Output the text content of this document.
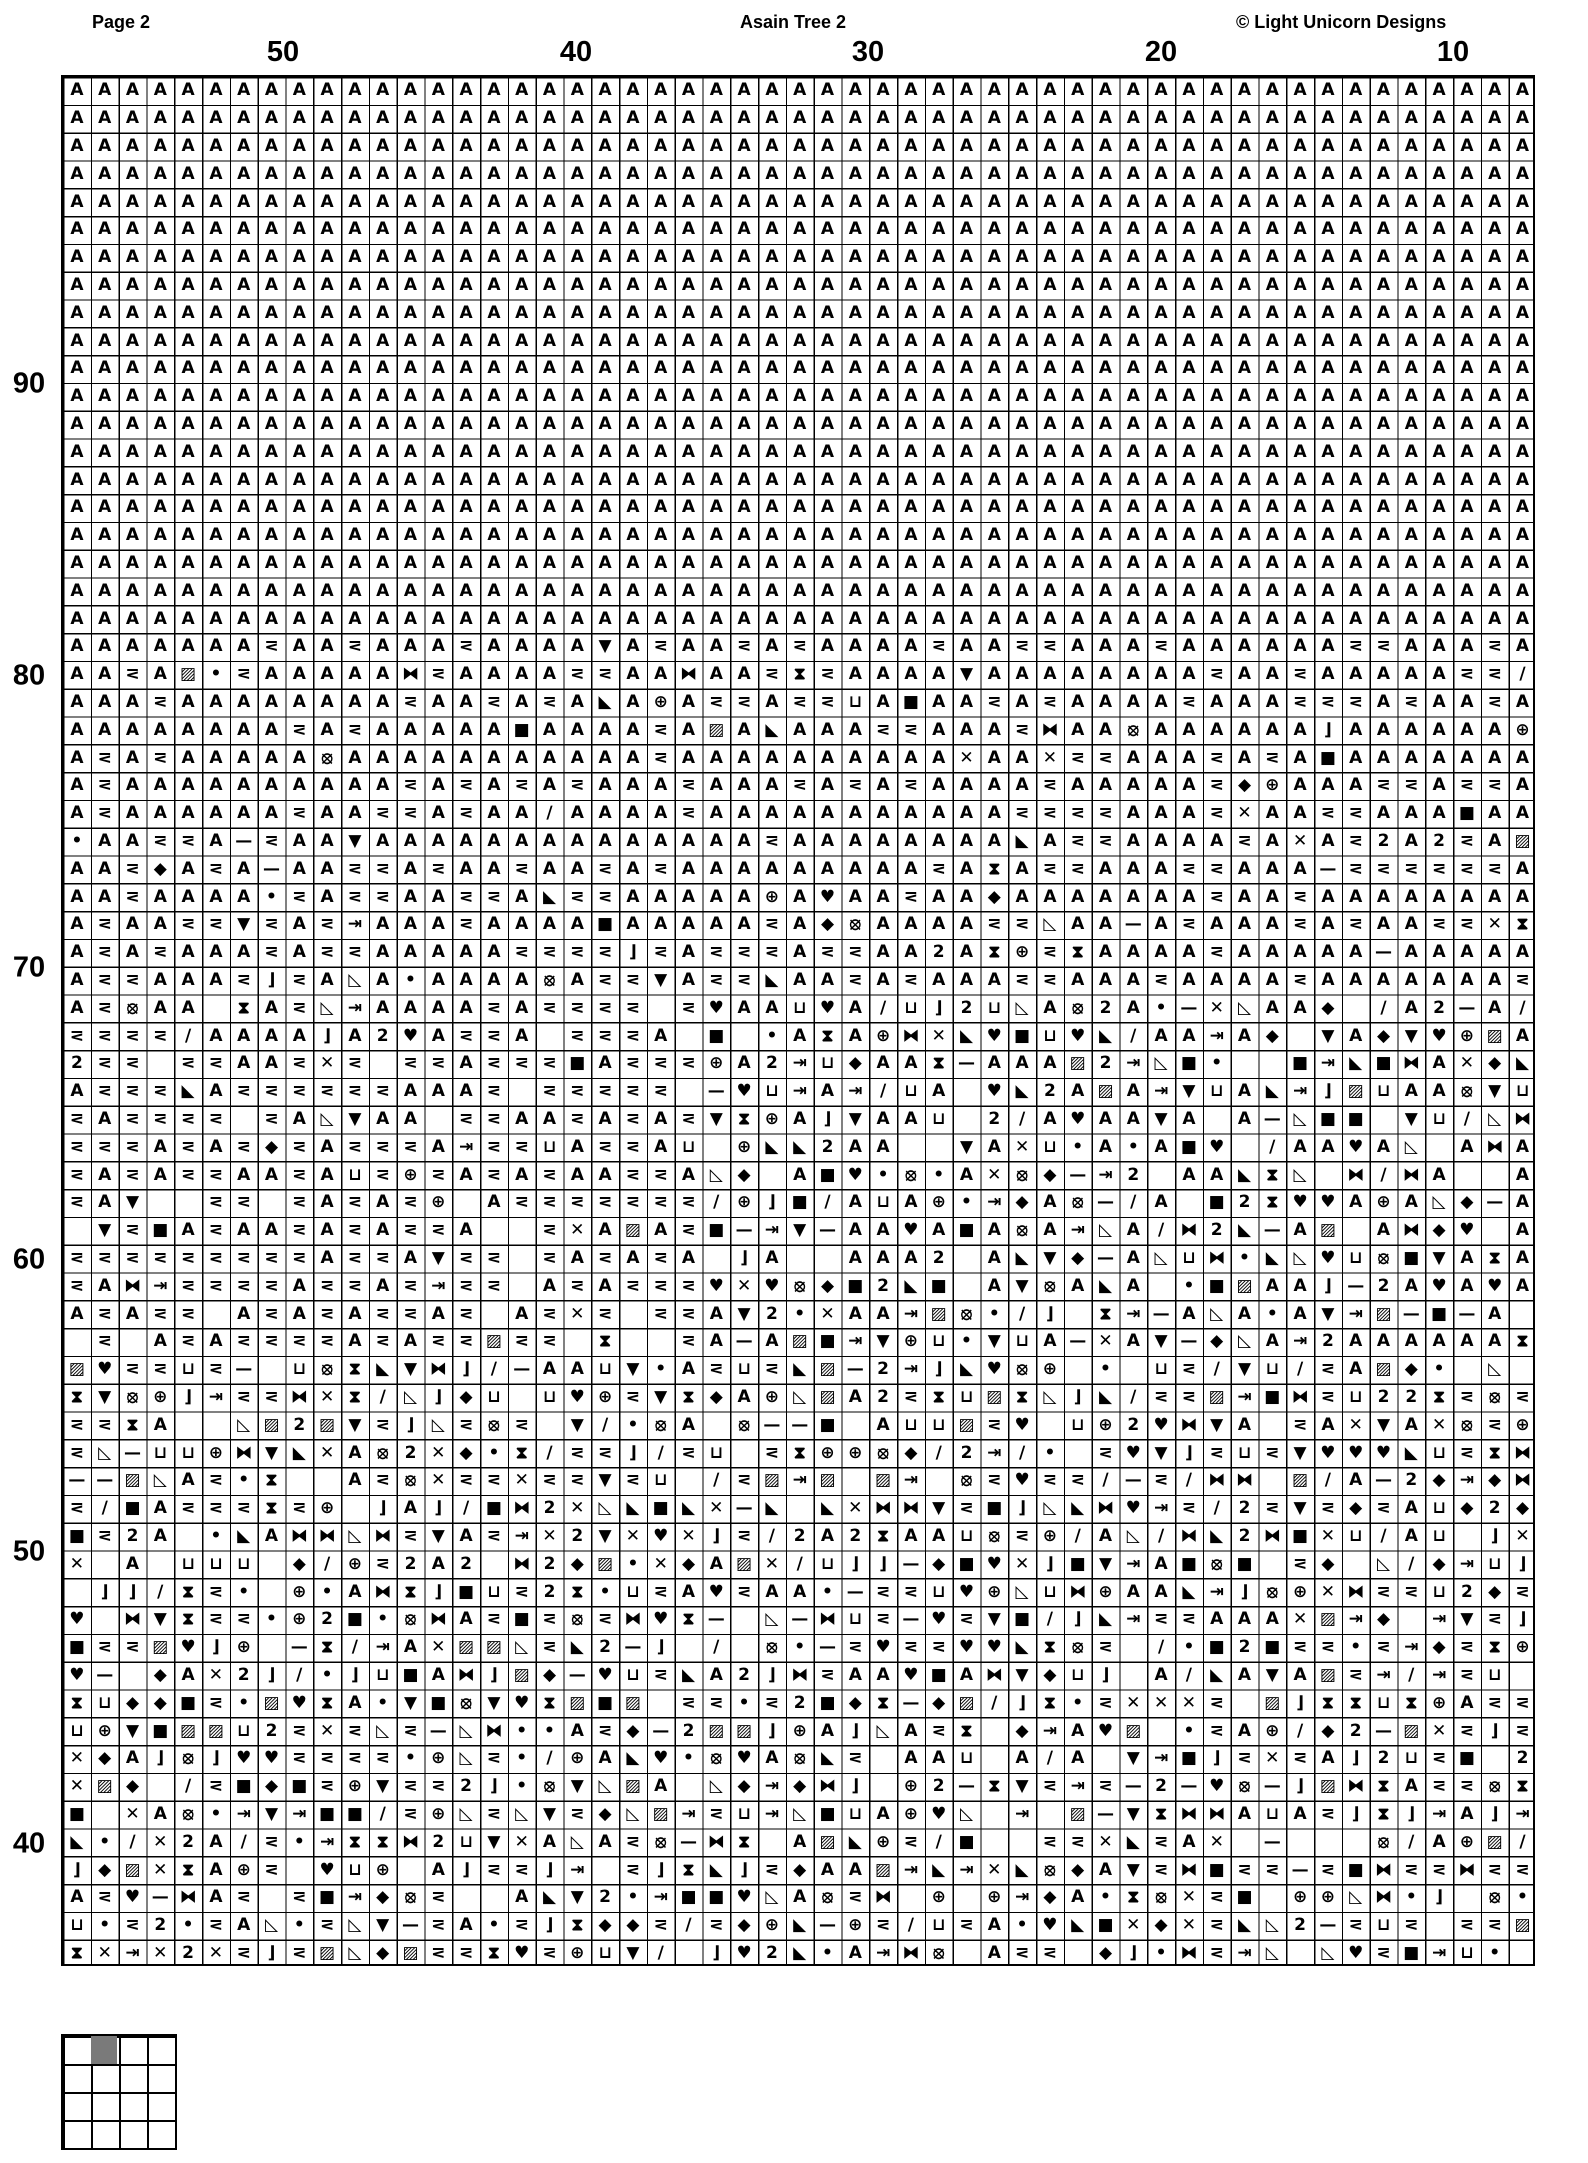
Page 2	Asain Tree 2	© Light Unicorn Designs
50	40	30	20	10
90
80
70
60
50
40
A A A A A A A A A A A A A A A A A A A A A A A A A A A A A A A A A A A A A A A A A A A A A A A A A A A A A
A A A A A A A A A A A A A A A A A A A A A A A A A A A A A A A A A A A A A A A A A A A A A A A A A A A A A
A A A A A A A A A A A A A A A A A A A A A A A A A A A A A A A A A A A A A A A A A A A A A A A A A A A A A
A A A A A A A A A A A A A A A A A A A A A A A A A A A A A A A A A A A A A A A A A A A A A A A A A A A A A
A A A A A A A A A A A A A A A A A A A A A A A A A A A A A A A A A A A A A A A A A A A A A A A A A A A A A
A A A A A A A A A A A A A A A A A A A A A A A A A A A A A A A A A A A A A A A A A A A A A A A A A A A A A
A A A A A A A A A A A A A A A A A A A A A A A A A A A A A A A A A A A A A A A A A A A A A A A A A A A A A
A A A A A A A A A A A A A A A A A A A A A A A A A A A A A A A A A A A A A A A A A A A A A A A A A A A A A
A A A A A A A A A A A A A A A A A A A A A A A A A A A A A A A A A A A A A A A A A A A A A A A A A A A A A
A A A A A A A A A A A A A A A A A A A A A A A A A A A A A A A A A A A A A A A A A A A A A A A A A A A A A
A A A A A A A A A A A A A A A A A A A A A A A A A A A A A A A A A A A A A A A A A A A A A A A A A A A A A
A A A A A A A A A A A A A A A A A A A A A A A A A A A A A A A A A A A A A A A A A A A A A A A A A A A A A
A A A A A A A A A A A A A A A A A A A A A A A A A A A A A A A A A A A A A A A A A A A A A A A A A A A A A
A A A A A A A A A A A A A A A A A A A A A A A A A A A A A A A A A A A A A A A A A A A A A A A A A A A A A
A A A A A A A A A A A A A A A A A A A A A A A A A A A A A A A A A A A A A A A A A A A A A A A A A A A A A
A A A A A A A A A A A A A A A A A A A A A A A A A A A A A A A A A A A A A A A A A A A A A A A A A A A A A
A A A A A A A A A A A A A A A A A A A A A A A A A A A A A A A A A A A A A A A A A A A A A A A A A A A A A
A A A A A A A A A A A A A A A A A A A A A A A A A A A A A A A A A A A A A A A A A A A A A A A A A A A A A
A A A A A A A A A A A A A A A A A A A A A A A A A A A A A A A A A A A A A A A A A A A A A A A A A A A A A
A A A A A A A A A A A A A A A A A A A A A A A A A A A A A A A A A A A A A A A A A A A A A A A A A A A A A
A A A A A A A ⋜ A A ⋜ A A A ⋜ A A A A ▼ A ⋜ A A ⋜ A ⋜ A A A A ⋜ A A ⋜ ⋜ A A A ⋜ A A A A A A ⋜ ⋜ A A A ⋜ A
A A ⋜ A ▨ • ⋜ A A A A A ⧓ ⋜ A A A A ⋜ ⋜ A A ⧓ A A ⋜ ⧗ ⋜ A A A A ▼ A A A A A A A A ⋜ A A ⋜ A A A A A ⋜ ⋜	∕
A A A ⋜ A A A A A A A A ⋜ A A ⋜ A ⋜ A ◣ A ⊕ A ⋜ ⋜ A ⋜ ⋜ ⊔ A ■ A A ⋜ A ⋜ A A A A ⋜ A A A ⋜ ⋜ ⋜ A ⋜ A A ⋜ A
A A A A A A A A ⋜ A ⋜ A A A A A ■ A A A A ⋜ A ▨ A ◣ A A A ⋜ ⋜ A A A ⋜ ⧓ A A ⦻ A A A A A A	⌋	A A A A A A ⊕
A ⋜ A ⋜ A A A A A ⦻ A A A A A A A A A A A ⋜ A A A A A A A A A A ✕ A A ✕ ⋜ ⋜ A A A ⋜ A ⋜ A ■ A A A A A A A
A ⋜ A A A A A A A A A A ⋜ A ⋜ A ⋜ A ⋜ A A A ⋜ A A A ⋜ A ⋜ A ⋜ A A A A ⋜ A A A A A ⋜ ◆ ⊕ A A A ⋜ ⋜ A ⋜ ⋜ A
A ⋜ A A A A A A ⋜ A A ⋜ ⋜ A ⋜ A A	∕	A A A A ⋜ A A A A A A A A A A A ⋜ ⋜ ⋜ ⋜ A A A ⋜ ✕ A A ⋜ ⋜ A A A ■ A A
• A A ⋜ ⋜ A — ⋜ A A ▼ A A A A A A A A A A A A A A ⋜ A A A A A A A A ◣ A ⋜ ⋜ A A A A ⋜ A ✕ A ⋜ 2 A 2 ⋜ A ▨
A A ⋜ ◆ A ⋜ A — A A ⋜ ⋜ A ⋜ A A ⋜ A A ⋜ A ⋜ A A A A A A A A A ⋜ A ⧗ A ⋜ ⋜ A A A ⋜ ⋜ A A A — ⋜ ⋜ ⋜ ⋜ ⋜ ⋜ A
A A ⋜ A A A A • ⋜ A ⋜ ⋜ A A ⋜ ⋜ A ◣ ⋜ ⋜ A A A A A ⊕ A ♥ A A ⋜ A A ◆ A A A A A A A ⋜ A A ⋜ A A A A A A A A
A ⋜ A A ⋜ ⋜ ▼ ⋜ A ⋜ ⇥ A A A ⋜ A A A A ■ A A A A A ⋜ A ◆ ⦻ A A A A ⋜ ⋜ ◺ A A — A ⋜ A A A ⋜ A ⋜ A A ⋜ ⋜ ✕ ⧗
A ⋜ A ⋜ A A A ⋜ A ⋜ ⋜ A A A A A ⋜ ⋜ ⋜ ⋜ ⌋ ⋜ A ⋜ ⋜ ⋜ A ⋜ ⋜ A A 2 A ⧗ ⊕ ⋜ ⧗ A A A A ⋜ A A A A A — A A A A A
A ⋜ ⋜ A A A ⋜ ⌋ ⋜ A ◺ A • A A A A ⦻ A ⋜ ⋜ ▼ A ⋜ ⋜ ◣ A A ⋜ A ⋜ A A A ⋜ ⋜ A A A ⋜ A A A A ⋜ A A A A A A A ⋜
A ⋜ ⦻ A A	⧗ A ⋜ ◺ ⇥ A A A A ⋜ A ⋜ ⋜ ⋜ ⋜	⋜ ♥ A A ⊔ ♥ A	∕	⊔	⌋	2 ⊔ ◺ A ⦻ 2 A • — ✕ ◺ A A ◆	∕	A 2 — A	∕
⋜ ⋜ ⋜ ⋜	∕	A A A A	⌋	A 2 ♥ A ⋜ ⋜ A	⋜ ⋜ ⋜ A	■	• A ⧗ A ⊕ ⧓ ✕ ◣ ♥ ■ ⊔ ♥ ◣	∕	A A ⇥ A ◆	▼ A ◆ ▼ ♥ ⊕ ▨ A
2 ⋜ ⋜	⋜ ⋜ A A ⋜ ✕ ⋜	⋜ ⋜ A ⋜ ⋜ ⋜ ■ A ⋜ ⋜ ⋜ ⊕ A 2 ⇥ ⊔ ◆ A A ⧗ — A A A ▨ 2 ⇥ ◺ ■ •	■ ⇥ ◣ ■ ⧓ A ✕ ◆ ◣
A ⋜ ⋜ ⋜ ◣ A ⋜ ⋜ ⋜ ⋜ ⋜ ⋜ A A A ⋜	⋜ ⋜ ⋜ ⋜ ⋜	— ♥ ⊔ ⇥ A ⇥	∕	⊔ A	♥ ◣ 2 A ▨ A ⇥ ▼ ⊔ A ◣ ⇥ ⌋ ▨ ⊔ A A ⦻ ▼ ⊔
⋜ A ⋜ ⋜ ⋜ ⋜	⋜ A ◺ ▼ A A	⋜ ⋜ A A ⋜ A ⋜ A ⋜ ▼ ⧗ ⊕ A	⌋	▼ A A ⊔	2	∕	A ♥ A A ▼ A	A — ◺ ■ ■	▼ ⊔	∕	◺ ⧓
⋜ ⋜ ⋜ A ⋜ A ⋜ ◆ ⋜ A ⋜ ⋜ ⋜ A ⇥ ⋜ ⋜ ⊔ A ⋜ ⋜ A ⊔	⊕ ◣ ◣ 2 A A	▼ A ✕ ⊔ • A • A ■ ♥	∕	A A ♥ A ◺	A ⧓ A
⋜ A ⋜ A ⋜ ⋜ A A ⋜ A ⊔ ⋜ ⊕ ⋜ A ⋜ A ⋜ A A ⋜ ⋜ A ◺ ◆	A ■ ♥ • ⦻ • A ✕ ⦻ ◆ — ⇥ 2	A A ◣ ⧗ ◺	⧓ ∕ ⧓ A	A
⋜ A ▼	⋜ ⋜	⋜ A ⋜ A ⋜ ⊕	A ⋜ ⋜ ⋜ ⋜ ⋜ ⋜ ⋜	∕	⊕ ⌋ ■ ∕	A ⊔ A ⊕ • ⇥ ◆ A ⦻ — ∕	A	■ 2 ⧗ ♥ ♥ A ⊕ A ◺ ◆ — A
▼ ⋜ ■ A ⋜ A A ⋜ A ⋜ A ⋜ ⋜ A	⋜ ✕ A ▨ A ⋜ ■ — ⇥ ▼ — A A ♥ A ■ A ⦻ A ⇥ ◺ A	∕ ⧓ 2 ◣ — A ▨	A ⧓ ◆ ♥	A
⋜ ⋜ ⋜ ⋜ ⋜ ⋜ ⋜ ⋜ ⋜ A ⋜ ⋜ A ▼ ⋜ ⋜	⋜ A ⋜ A ⋜ A	⌋	A	A A A 2	A ◣ ▼ ◆ — A ◺ ⊔ ⧓ • ◣ ◺ ♥ ⊔ ⦻ ■ ▼ A ⧗ A
⋜ A ⧓ ⇥ ⋜ ⋜ ⋜ ⋜ A ⋜ ⋜ A ⋜ ⇥ ⋜ ⋜	A ⋜ A ⋜ ⋜ ⋜ ♥ ✕ ♥ ⦻ ◆ ■ 2 ◣ ■	A ▼ ⦻ A ◣ A	• ■ ▨ A A	⌋ — 2 A ♥ A ♥ A
A ⋜ A ⋜ ⋜	A ⋜ A ⋜ A ⋜ ⋜ A ⋜	A ⋜ ✕ ⋜	⋜ ⋜ A ▼ 2 • ✕ A A ⇥ ▨ ⦻ •	∕	⌋	⧗ ⇥ — A ◺ A • A ▼ ⇥ ▨ — ■ — A
⋜	A ⋜ A ⋜ ⋜ ⋜ ⋜ A ⋜ A ⋜ ⋜ ▨ ⋜ ⋜	⧗	⋜ A — A ▨ ■ ⇥ ▼ ⊕ ⊔ • ▼ ⊔ A — ✕ A ▼ — ◆ ◺ A ⇥ 2 A A A A A A ⧗
▨ ♥ ⋜ ⋜ ⊔ ⋜ —	⊔ ⦻ ⧗ ◣ ▼ ⧓ ⌋	∕ — A A ⊔ ▼ • A ⋜ ⊔ ⋜ ◣ ▨ — 2 ⇥ ⌋	◣ ♥ ⦻ ⊕	•	⊔ ⋜	∕	▼ ⊔	∕	⋜ A ▨ ◆ •	◺
⧗ ▼ ⦻ ⊕ ⌋ ⇥ ⋜ ⋜ ⧓ ✕ ⧗	∕	◺	⌋	◆ ⊔	⊔ ♥ ⊕ ⋜ ▼ ⧗ ◆ A ⊕ ◺ ▨ A 2 ⋜ ⧗ ⊔ ▨ ⧗ ◺	⌋	◣	∕	⋜ ⋜ ▨ ⇥ ■ ⧓ ⋜ ⊔ 2 2 ⧗ ⋜ ⦻ ⋜
⋜ ⋜ ⧗ A	◺ ▨ 2 ▨ ▼ ⋜ ⌋	◺ ⋜ ⦻ ⋜	▼	∕	• ⦻ A	⦻ — — ■	A ⊔ ⊔ ▨ ⋜ ♥	⊔ ⊕ 2 ♥ ⧓ ▼ A	⋜ A ✕ ▼ A ✕ ⦻ ⋜ ⊕
⋜ ◺ — ⊔ ⊔ ⊕ ⧓ ▼ ◣ ✕ A ⦻ 2 ✕ ◆ • ⧗	∕	⋜ ⋜ ⌋	∕	⋜ ⊔	⋜ ⧗ ⊕ ⊕ ⦻ ◆	∕	2 ⇥	∕	•	⋜ ♥ ▼	⌋ ⋜ ⊔ ⋜ ▼ ♥ ♥ ♥ ◣ ⊔ ⋜ ⧗ ⧓
— — ▨ ◺ A ⋜ • ⧗	A ⋜ ⦻ ✕ ⋜ ⋜ ✕ ⋜ ⋜ ▼ ⋜ ⊔	∕	⋜ ▨ ⇥ ▨	▨ ⇥	⦻ ⋜ ♥ ⋜ ⋜	∕ — ⋜	∕ ⧓ ⧓	▨ ∕	A — 2 ◆ ⇥ ◆ ⧓
⋜	∕ ■ A ⋜ ⋜ ⋜ ⧗ ⋜ ⊕	⌋	A	⌋	∕ ■ ⧓ 2 ✕ ◺ ◣ ■ ◣ ✕ — ◣	◣ ✕ ⧓ ⧓ ▼ ⋜ ■ ⌋	◺ ◣ ⧓ ♥ ⇥ ⋜	∕	2 ⋜ ▼ ⋜ ◆ ⋜ A ⊔ ◆ 2 ◆
■ ⋜ 2 A	• ◣ A ⧓ ⧓ ◺ ⧓ ⋜ ▼ A ⋜ ⇥ ✕ 2 ▼ ✕ ♥ ✕ ⌋ ⋜	∕	2 A 2 ⧗ A A ⊔ ⦻ ⋜ ⊕	∕	A ◺	∕ ⧓ ◣ 2 ⧓ ■ ✕ ⊔	∕	A ⊔	⌋ ✕
✕	A	⊔ ⊔ ⊔	◆	∕	⊕ ⋜ 2 A 2	⧓ 2 ◆ ▨ • ✕ ◆ A ▨ ✕	∕	⊔	⌋	⌋ — ◆ ■ ♥ ✕ ⌋ ■ ▼ ⇥ A ■ ⦻ ■	⋜ ◆	◺	∕	◆ ⇥ ⊔	⌋
⌋	⌋	∕	⧗ ⋜ •	⊕ • A ⧓ ⧗	⌋ ■ ⊔ ⋜ 2 ⧗ • ⊔ ⋜ A ♥ ⋜ A A • — ⋜ ⋜ ⊔ ♥ ⊕ ◺ ⊔ ⧓ ⊕ A A ◣ ⇥ ⌋	⦻ ⊕ ✕ ⧓ ⋜ ⋜ ⊔ 2 ◆ ⋜
♥	⧓ ▼ ⧗ ⋜ ⋜ • ⊕ 2 ■ • ⦻ ⧓ A ⋜ ■ ⋜ ⦻ ⋜ ⧓ ♥ ⧗ —	◺ — ⧓ ⊔ ⋜ — ♥ ⋜ ▼ ■ ∕	⌋	◣ ⇥ ⋜ ⋜ A A A ✕ ▨ ⇥ ◆	⇥ ▼ ⋜ ⌋
■ ⋜ ⋜ ▨ ♥ ⌋ ⊕	— ⧗	∕	⇥ A ✕ ▨ ▨ ◺ ⋜ ◣ 2 — ⌋	∕	⦻ • — ⋜ ♥ ⋜ ⋜ ♥ ♥ ◣ ⧗ ⦻ ⋜	∕	• ■ 2 ■ ⋜ ⋜ • ⋜ ⇥ ◆ ⋜ ⧗ ⊕
♥ —	◆ A ✕ 2	⌋	∕	•	⌋	⊔ ■ A ⧓ ⌋ ▨ ◆ — ♥ ⊔ ⋜ ◣ A 2	⌋ ⧓ ⋜ A A ♥ ■ A ⧓ ▼ ◆ ⊔	⌋	A	∕	◣ A ▼ A ▨ ⋜ ⇥	∕	⇥ ⋜ ⊔
⧗ ⊔ ◆ ◆ ■ ⋜ • ▨ ♥ ⧗ A • ▼ ■ ⦻ ▼ ♥ ⧗ ▨ ■ ▨	⋜ ⋜ • ⋜ 2 ■ ◆ ⧗ — ◆ ▨ ∕	⌋	⧗ • ⋜ ✕ ✕ ✕ ⋜	▨ ⌋	⧗ ⧗ ⊔ ⧗ ⊕ A ⋜ ⋜
⊔ ⊕ ▼ ■ ▨ ▨ ⊔ 2 ⋜ ✕ ⋜ ◺ ⋜ — ◺ ⧓ • • A ⋜ ◆ — 2 ▨ ▨ ⌋ ⊕ A	⌋	◺ A ⋜ ⧗	◆ ⇥ A ♥ ▨	• ⋜ A ⊕	∕	◆ 2 — ▨ ✕ ⋜ ⌋ ⋜
✕ ◆ A	⌋	⦻	⌋ ♥ ♥ ⋜ ⋜ ⋜ ⋜ • ⊕ ◺ ⋜ •	∕	⊕ A ◣ ♥ • ⦻ ♥ A ⦻ ◣ ⋜	A A ⊔	A	∕	A	▼ ⇥ ■ ⌋ ⋜ ✕ ⋜ A	⌋	2 ⊔ ⋜ ■	2
✕ ▨ ◆	∕	⋜ ■ ◆ ■ ⋜ ⊕ ▼ ⋜ ⋜ 2	⌋	• ⦻ ▼ ◺ ▨ A	◺ ◆ ⇥ ◆ ⧓ ⌋	⊕ 2 — ⧗ ▼ ⋜ ⇥ ⋜ — 2 — ♥ ⦻ — ⌋ ▨ ⧓ ⧗ A ⋜ ⋜ ⦻ ⧗
■	✕ A ⦻ • ⇥ ▼ ⇥ ■ ■ ∕	⋜ ⊕ ◺ ⋜ ◺ ▼ ⋜ ◆ ◺ ▨ ⇥ ⋜ ⊔ ⇥ ◺ ■ ⊔ A ⊕ ♥ ◺	⇥	▨ — ▼ ⧗ ⧓ ⧓ A ⊔ A ⋜ ⌋	⧗	⌋ ⇥ A	⌋ ⇥
◣ •	∕	✕ 2 A	∕	⋜ • ⇥ ⧗ ⧗ ⧓ 2 ⊔ ▼ ✕ A ◺ A ⋜ ⦻ — ⧓ ⧗	A ▨ ◣ ⊕ ⋜	∕ ■	⋜ ⋜ ✕ ◣ ⋜ A ✕	—	⦻	∕	A ⊕ ▨ ∕
⌋	◆ ▨ ✕ ⧗ A ⊕ ⋜	♥ ⊔ ⊕	A	⌋ ⋜ ⋜ ⌋ ⇥	⋜ ⌋	⧗ ◣	⌋ ⋜ ◆ A A ▨ ⇥ ◣ ⇥ ✕ ◣ ⦻ ◆ A ▼ ⋜ ⧓ ■ ⋜ ⋜ — ⋜ ■ ⧓ ⋜ ⋜ ⧓ ⋜ ⋜
A ⋜ ♥ — ⧓ A ⋜	⋜ ■ ⇥ ◆ ⦻ ⋜	A ◣ ▼ 2 • ⇥ ■ ■ ♥ ◺ A ⦻ ⋜ ⧓	⊕	⊕ ⇥ ◆ A • ⧗ ⦻ ✕ ⋜ ■	⊕ ⊕ ◺ ⧓ •	⌋	⦻ •
⊔ • ⋜ 2 • ⋜ A ◺ • ⋜ ◺ ▼ — ⋜ A • ⋜ ⌋	⧗ ◆ ◆ ⋜	∕	⋜ ◆ ⊕ ◣ — ⊕ ⋜	∕	⊔ ⋜ A • ♥ ◣ ■ ✕ ◆ ✕ ⋜ ◣ ◺ 2 — ⋜ ⊔ ⋜	⋜ ⋜ ▨
⧗ ✕ ⇥ ✕ 2 ✕ ⋜ ⌋ ⋜ ▨ ◺ ◆ ▨ ⋜ ⋜ ⧗ ♥ ⋜ ⊕ ⊔ ▼	∕	⌋ ♥ 2 ◣ • A ⇥ ⧓ ⦻	A ⋜ ⋜	◆	⌋	• ⧓ ⋜ ⇥ ◺	◺ ♥ ⋜ ■ ⇥ ⊔ •
